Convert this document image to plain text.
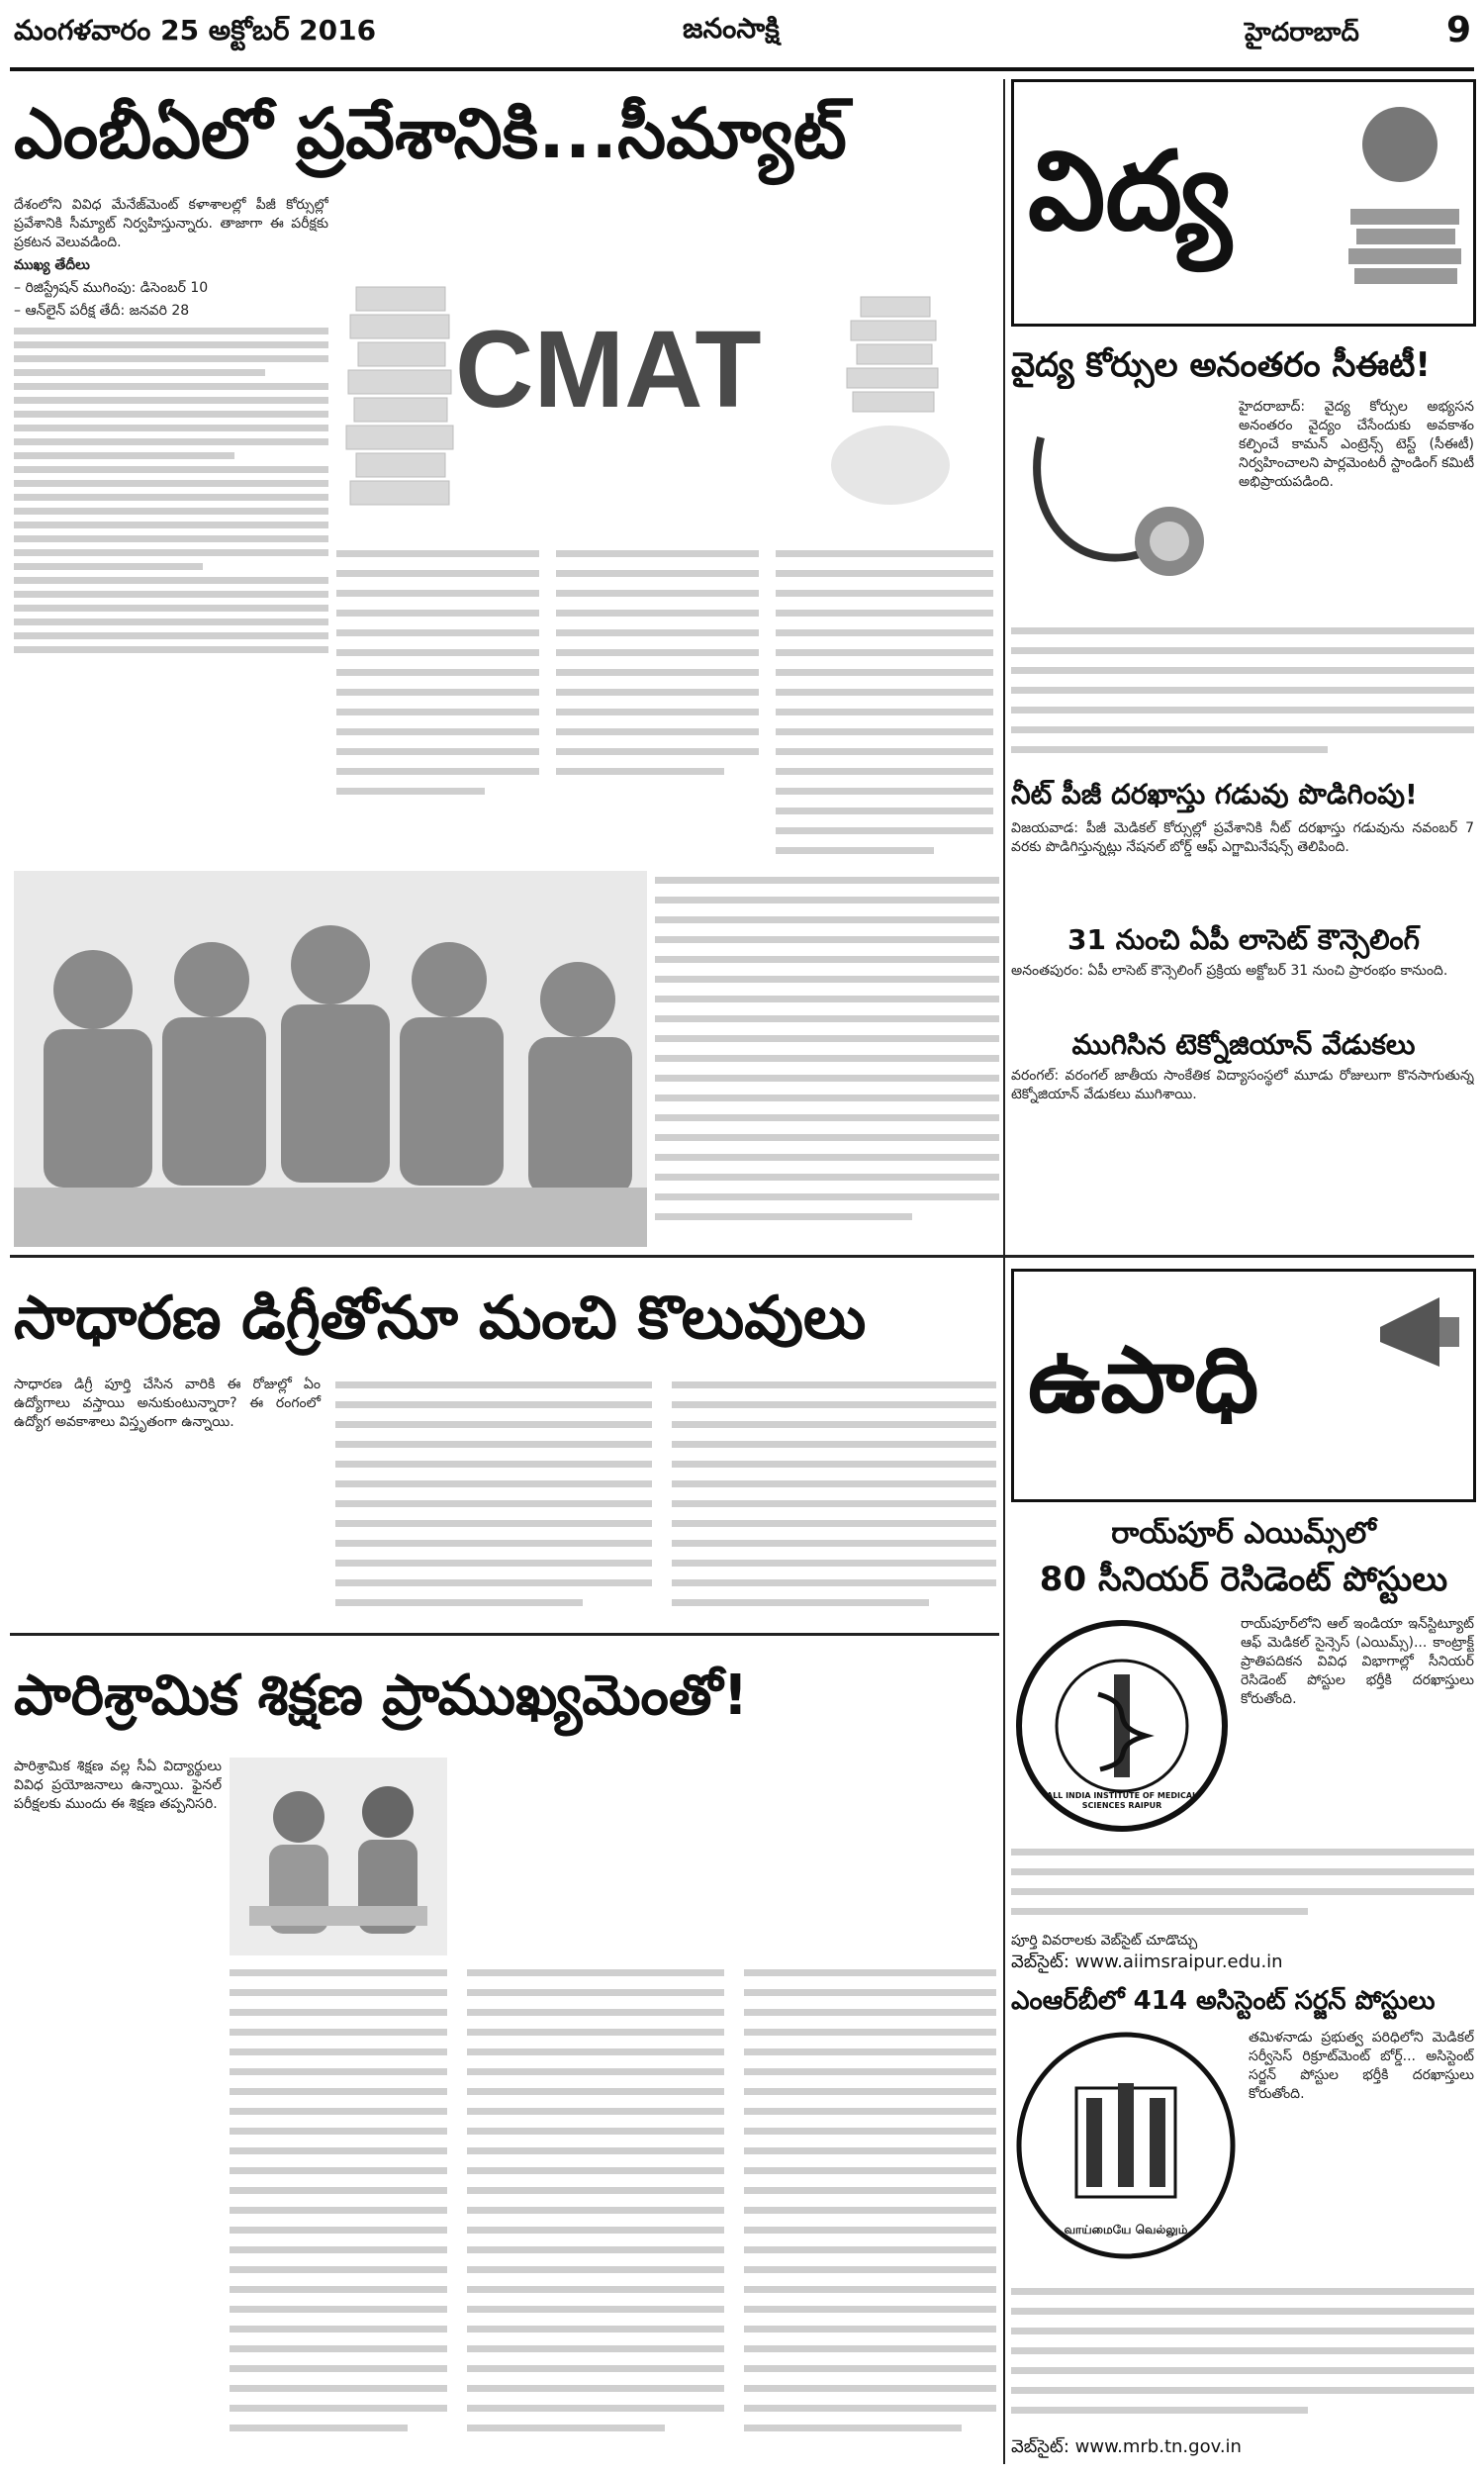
మంగళవారం 25 అక్టోబర్ 2016	జనంసాక్షి	హైదరాబాద్ 9
ఎంబీఏలో ప్రవేశానికి...సీమ్యాట్

దేశంలోని వివిధ మేనేజ్‌మెంట్ కళాశాలల్లో పీజీ కోర్సుల్లో ప్రవేశానికి సీమ్యాట్ నిర్వహిస్తున్నారు. తాజాగా ఈ పరీక్షకు ప్రకటన వెలువడింది.

ముఖ్య తేదీలు

– రిజిస్ట్రేషన్ ముగింపు: డిసెంబర్ 10

– ఆన్‌లైన్ పరీక్ష తేదీ: జనవరి 28	CMAT
విద్య
వైద్య కోర్సుల అనంతరం సీఈటీ!

హైదరాబాద్: వైద్య కోర్సుల అభ్యసన అనంతరం వైద్యం చేసేందుకు అవకాశం కల్పించే కామన్ ఎంట్రెన్స్ టెస్ట్ (సీఈటీ) నిర్వహించాలని పార్లమెంటరీ స్టాండింగ్ కమిటీ అభిప్రాయపడింది.

నీట్ పీజీ దరఖాస్తు గడువు పొడిగింపు!

విజయవాడ: పీజీ మెడికల్ కోర్సుల్లో ప్రవేశానికి నీట్ దరఖాస్తు గడువును నవంబర్ 7 వరకు పొడిగిస్తున్నట్లు నేషనల్ బోర్డ్ ఆఫ్ ఎగ్జామినేషన్స్ తెలిపింది.

31 నుంచి ఏపీ లాసెట్ కౌన్సెలింగ్

అనంతపురం: ఏపీ లాసెట్ కౌన్సెలింగ్ ప్రక్రియ అక్టోబర్ 31 నుంచి ప్రారంభం కానుంది.

ముగిసిన టెక్నోజియాన్ వేడుకలు

వరంగల్: వరంగల్ జాతీయ సాంకేతిక విద్యాసంస్థలో మూడు రోజులుగా కొనసాగుతున్న టెక్నోజియాన్ వేడుకలు ముగిశాయి.

సాధారణ డిగ్రీతోనూ మంచి కొలువులు

సాధారణ డిగ్రీ పూర్తి చేసిన వారికి ఈ రోజుల్లో ఏం ఉద్యోగాలు వస్తాయి అనుకుంటున్నారా? ఈ రంగంలో ఉద్యోగ అవకాశాలు విస్తృతంగా ఉన్నాయి.

పారిశ్రామిక శిక్షణ ప్రాముఖ్యమెంతో!

పారిశ్రామిక శిక్షణ వల్ల సీఏ విద్యార్థులు వివిధ ప్రయోజనాలు ఉన్నాయి. ఫైనల్ పరీక్షలకు ముందు ఈ శిక్షణ తప్పనిసరి.

ఉపాధి
రాయ్‌పూర్ ఎయిమ్స్‌లో
80 సీనియర్ రెసిడెంట్ పోస్టులు
ALL INDIA INSTITUTE OF MEDICAL SCIENCES RAIPUR

రాయ్‌పూర్‌లోని ఆల్ ఇండియా ఇన్‌స్టిట్యూట్ ఆఫ్ మెడికల్ సైన్సెస్ (ఎయిమ్స్)... కాంట్రాక్ట్ ప్రాతిపదికన వివిధ విభాగాల్లో సీనియర్ రెసిడెంట్ పోస్టుల భర్తీకి దరఖాస్తులు కోరుతోంది.

పూర్తి వివరాలకు వెబ్‌సైట్ చూడొచ్చు
వెబ్‌సైట్: www.aiimsraipur.edu.in
ఎంఆర్‌బీలో 414 అసిస్టెంట్ సర్జన్ పోస్టులు
வாய்மையே வெல்லும்

తమిళనాడు ప్రభుత్వ పరిధిలోని మెడికల్ సర్వీసెస్ రిక్రూట్‌మెంట్ బోర్డ్... అసిస్టెంట్ సర్జన్ పోస్టుల భర్తీకి దరఖాస్తులు కోరుతోంది.

వెబ్‌సైట్: www.mrb.tn.gov.in
